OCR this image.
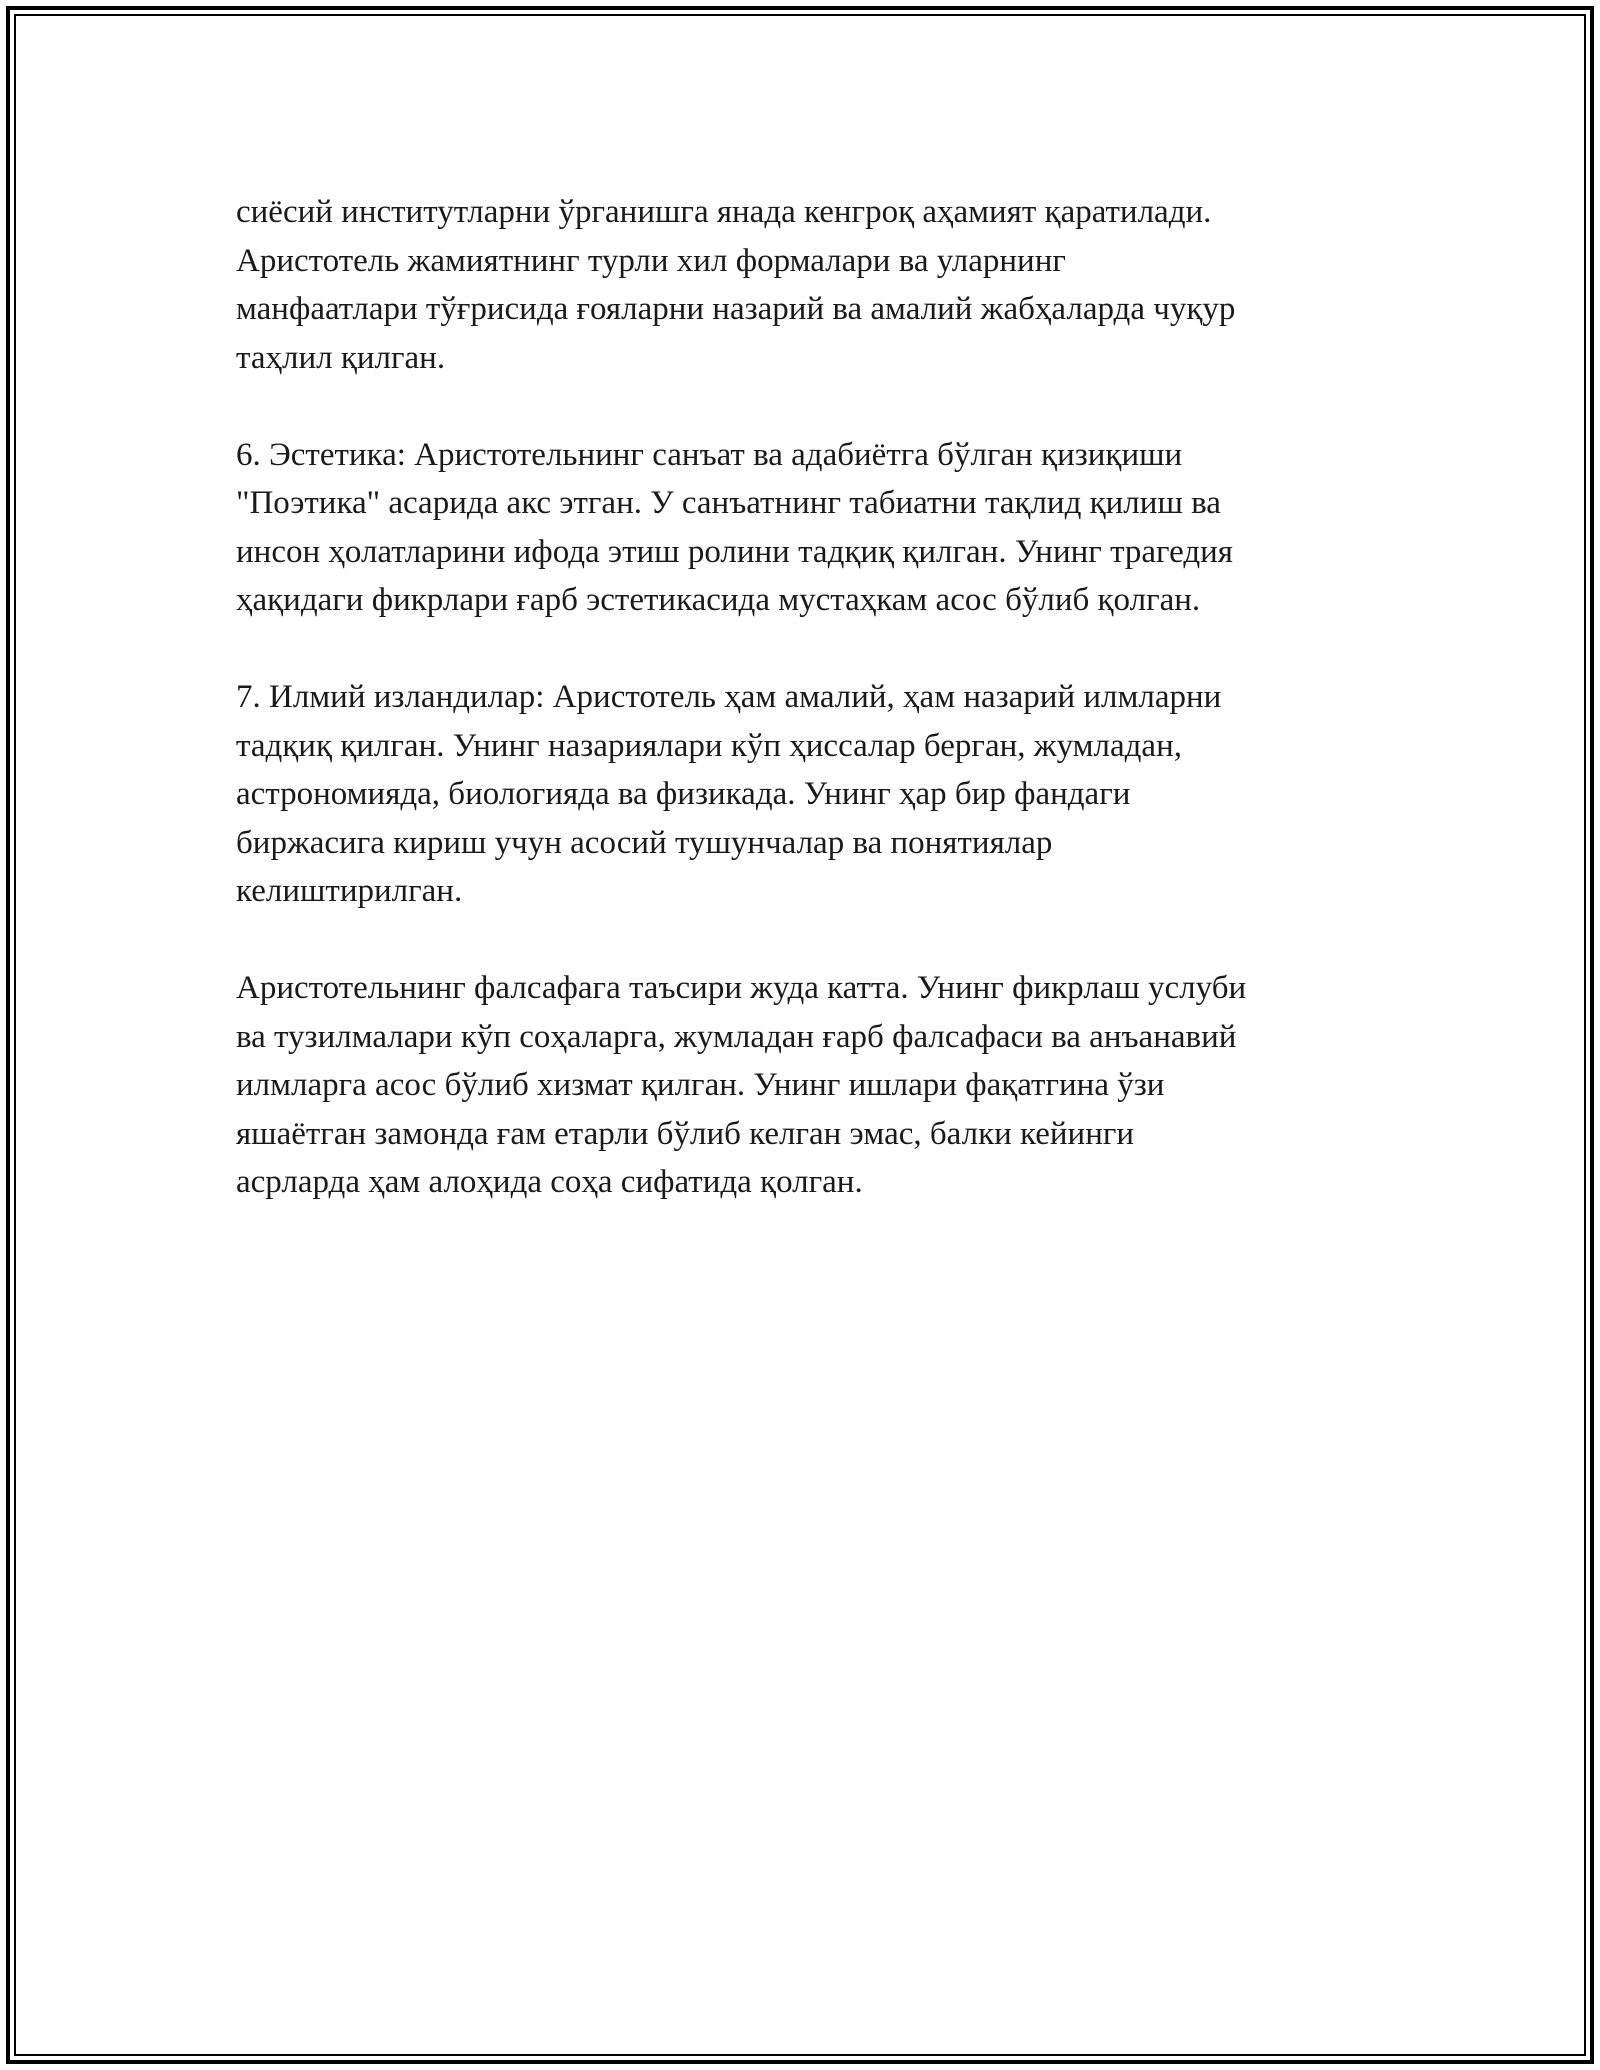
сиёсий институтларни ўрганишга янада кенгроқ аҳамият қаратилади.
Аристотель жамиятнинг турли хил формалари ва уларнинг
манфаатлари тўғрисида ғояларни назарий ва амалий жабҳаларда чуқур
таҳлил қилган.

6. Эстетика: Аристотельнинг санъат ва адабиётга бўлган қизиқиши
"Поэтика" асарида акс этган. У санъатнинг табиатни тақлид қилиш ва
инсон ҳолатларини ифода этиш ролини тадқиқ қилган. Унинг трагедия
ҳақидаги фикрлари ғарб эстетикасида мустаҳкам асос бўлиб қолган.

7. Илмий изландилар: Аристотель ҳам амалий, ҳам назарий илмларни
тадқиқ қилган. Унинг назариялари кўп ҳиссалар берган, жумладан,
астрономияда, биологияда ва физикада. Унинг ҳар бир фандаги
биржасига кириш учун асосий тушунчалар ва понятиялар
келиштирилган.

Аристотельнинг фалсафага таъсири жуда катта. Унинг фикрлаш услуби
ва тузилмалари кўп соҳаларга, жумладан ғарб фалсафаси ва анъанавий
илмларга асос бўлиб хизмат қилган. Унинг ишлари фақатгина ўзи
яшаётган замонда ғам етарли бўлиб келган эмас, балки кейинги
асрларда ҳам алоҳида соҳа сифатида қолган.
